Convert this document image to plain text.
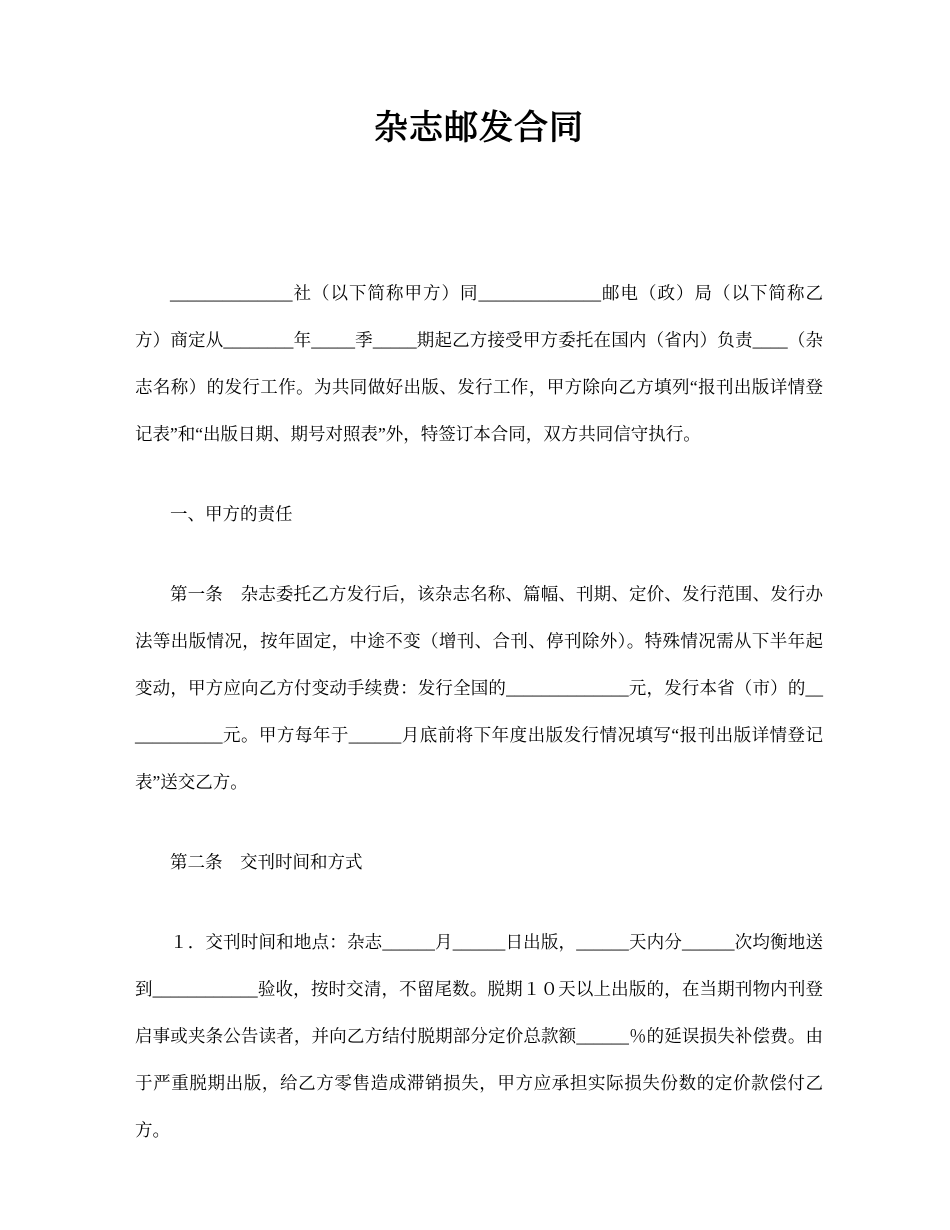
杂志邮发合同

______________社（以下简称甲方）同______________邮电（政）局（以下简称乙方）商定从________年_____季_____期起乙方接受甲方委托在国内（省内）负责____（杂志名称）的发行工作。为共同做好出版、发行工作，甲方除向乙方填列“报刊出版详情登记表”和“出版日期、期号对照表”外，特签订本合同，双方共同信守执行。

一、甲方的责任

第一条　杂志委托乙方发行后，该杂志名称、篇幅、刊期、定价、发行范围、发行办法等出版情况，按年固定，中途不变（增刊、合刊、停刊除外）。特殊情况需从下半年起变动，甲方应向乙方付变动手续费：发行全国的______________元，发行本省（市）的____________元。甲方每年于______月底前将下年度出版发行情况填写“报刊出版详情登记表”送交乙方。

第二条　交刊时间和方式

１．交刊时间和地点：杂志______月______日出版，______天内分______次均衡地送到____________验收，按时交清，不留尾数。脱期１０天以上出版的，在当期刊物内刊登启事或夹条公告读者，并向乙方结付脱期部分定价总款额______％的延误损失补偿费。由于严重脱期出版，给乙方零售造成滞销损失，甲方应承担实际损失份数的定价款偿付乙方。
